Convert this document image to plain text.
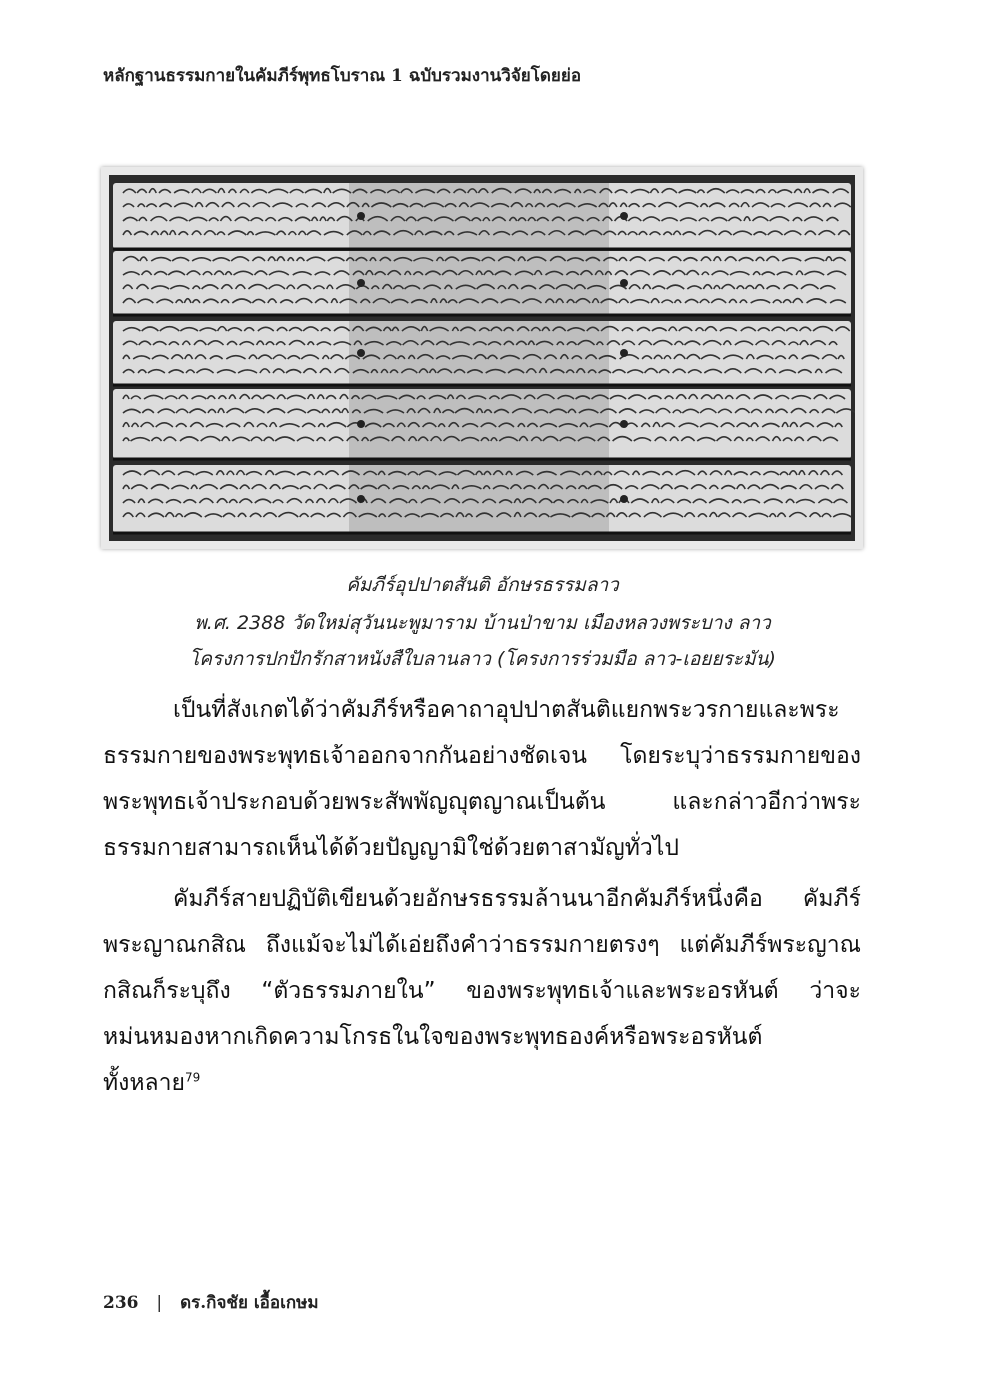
หลักฐานธรรมกายในคัมภีร์พุทธโบราณ 1 ฉบับรวมงานวิจัยโดยย่อ
คัมภีร์อุปปาตสันติ อักษรธรรมลาว
พ.ศ. 2388 วัดใหม่สุวันนะพูมาราม บ้านป่าขาม เมืองหลวงพระบาง ลาว
โครงการปกปักรักสาหนังสืใบลานลาว (โครงการร่วมมือ ลาว-เอยยระมัน)
เป็นที่สังเกตได้ว่าคัมภีร์หรือคาถาอุปปาตสันติแยกพระวรกายและพระ
ธรรมกายของพระพุทธเจ้าออกจากกันอย่างชัดเจน โดยระบุว่าธรรมกายของ
พระพุทธเจ้าประกอบด้วยพระสัพพัญญุตญาณเป็นต้น และกล่าวอีกว่าพระ
ธรรมกายสามารถเห็นได้ด้วยปัญญามิใช่ด้วยตาสามัญทั่วไป
คัมภีร์สายปฏิบัติเขียนด้วยอักษรธรรมล้านนาอีกคัมภีร์หนึ่งคือ คัมภีร์
พระญาณกสิณ ถึงแม้จะไม่ได้เอ่ยถึงคำว่าธรรมกายตรงๆ แต่คัมภีร์พระญาณ
กสิณก็ระบุถึง “ตัวธรรมภายใน” ของพระพุทธเจ้าและพระอรหันต์ ว่าจะ
หม่นหมองหากเกิดความโกรธในใจของพระพุทธองค์หรือพระอรหันต์
ทั้งหลาย$^{79}$
236 | ดร.กิจชัย เอื้อเกษม
